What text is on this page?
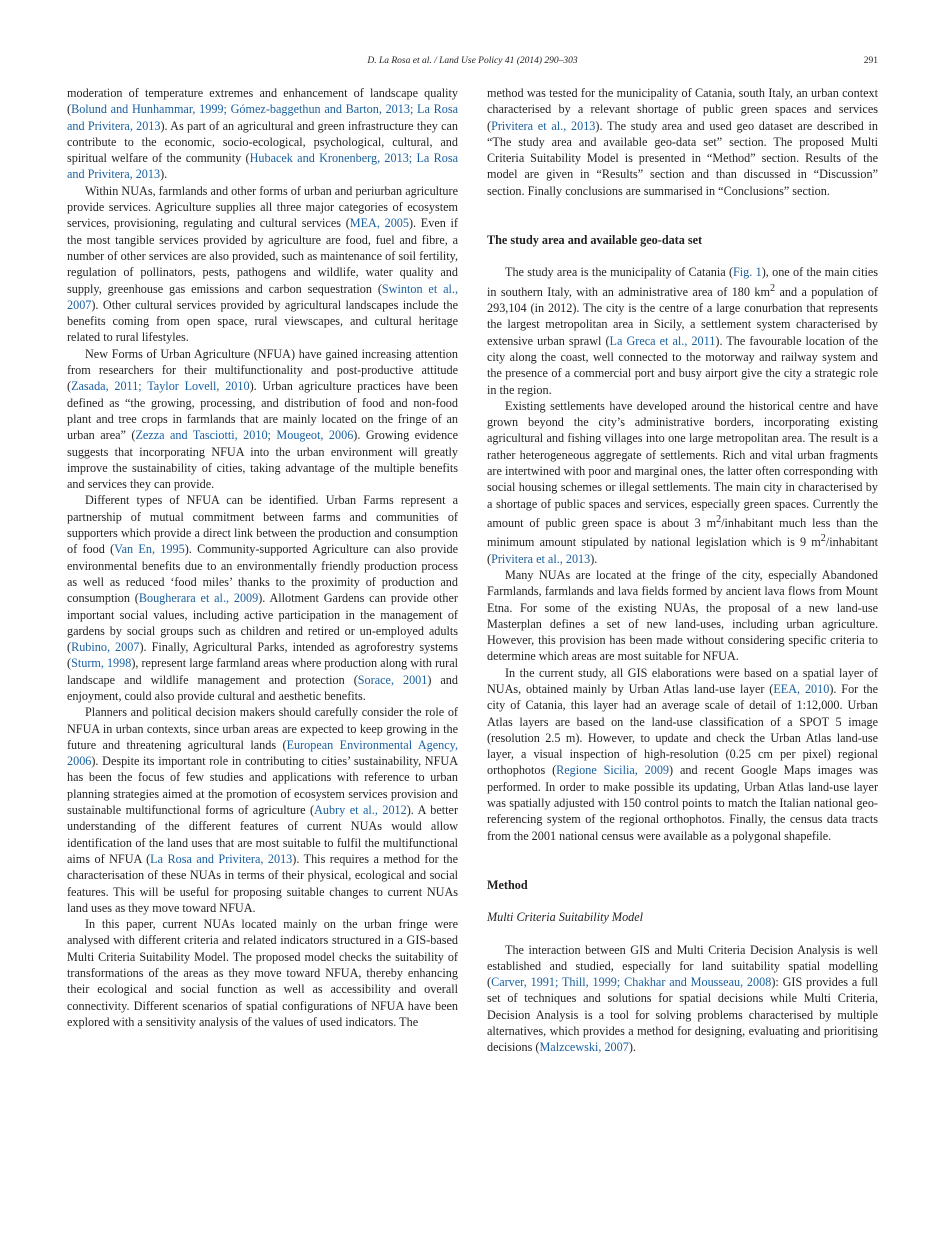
D. La Rosa et al. / Land Use Policy 41 (2014) 290–303	291

moderation of temperature extremes and enhancement of landscape quality (Bolund and Hunhammar, 1999; Gómez-baggethun and Barton, 2013; La Rosa and Privitera, 2013). As part of an agricultural and green infrastructure they can contribute to the economic, socio-ecological, psychological, cultural, and spiritual welfare of the community (Hubacek and Kronenberg, 2013; La Rosa and Privitera, 2013).

Within NUAs, farmlands and other forms of urban and periurban agriculture provide services. Agriculture supplies all three major categories of ecosystem services, provisioning, regulating and cultural services (MEA, 2005). Even if the most tangible services provided by agriculture are food, fuel and fibre, a number of other services are also provided, such as maintenance of soil fertility, regulation of pollinators, pests, pathogens and wildlife, water quality and supply, greenhouse gas emissions and carbon sequestration (Swinton et al., 2007). Other cultural services provided by agricultural landscapes include the benefits coming from open space, rural viewscapes, and cultural heritage related to rural lifestyles.

New Forms of Urban Agriculture (NFUA) have gained increasing attention from researchers for their multifunctionality and post-productive attitude (Zasada, 2011; Taylor Lovell, 2010). Urban agriculture practices have been defined as “the growing, processing, and distribution of food and non-food plant and tree crops in farmlands that are mainly located on the fringe of an urban area” (Zezza and Tasciotti, 2010; Mougeot, 2006). Growing evidence suggests that incorporating NFUA into the urban environment will greatly improve the sustainability of cities, taking advantage of the multiple benefits and services they can provide.

Different types of NFUA can be identified. Urban Farms represent a partnership of mutual commitment between farms and communities of supporters which provide a direct link between the production and consumption of food (Van En, 1995). Community-supported Agriculture can also provide environmental benefits due to an environmentally friendly production process as well as reduced ‘food miles’ thanks to the proximity of production and consumption (Bougherara et al., 2009). Allotment Gardens can provide other important social values, including active participation in the management of gardens by social groups such as children and retired or un-employed adults (Rubino, 2007). Finally, Agricultural Parks, intended as agroforestry systems (Sturm, 1998), represent large farmland areas where production along with rural landscape and wildlife management and protection (Sorace, 2001) and enjoyment, could also provide cultural and aesthetic benefits.

Planners and political decision makers should carefully consider the role of NFUA in urban contexts, since urban areas are expected to keep growing in the future and threatening agricultural lands (European Environmental Agency, 2006). Despite its important role in contributing to cities’ sustainability, NFUA has been the focus of few studies and applications with reference to urban planning strategies aimed at the promotion of ecosystem services provision and sustainable multifunctional forms of agriculture (Aubry et al., 2012). A better understanding of the different features of current NUAs would allow identification of the land uses that are most suitable to fulfil the multifunctional aims of NFUA (La Rosa and Privitera, 2013). This requires a method for the characterisation of these NUAs in terms of their physical, ecological and social features. This will be useful for proposing suitable changes to current NUAs land uses as they move toward NFUA.

In this paper, current NUAs located mainly on the urban fringe were analysed with different criteria and related indicators structured in a GIS-based Multi Criteria Suitability Model. The proposed model checks the suitability of transformations of the areas as they move toward NFUA, thereby enhancing their ecological and social function as well as accessibility and overall connectivity. Different scenarios of spatial configurations of NFUA have been explored with a sensitivity analysis of the values of used indicators. The

method was tested for the municipality of Catania, south Italy, an urban context characterised by a relevant shortage of public green spaces and services (Privitera et al., 2013). The study area and used geo dataset are described in “The study area and available geo-data set” section. The proposed Multi Criteria Suitability Model is presented in “Method” section. Results of the model are given in “Results” section and than discussed in “Discussion” section. Finally conclusions are summarised in “Conclusions” section.

The study area and available geo-data set

The study area is the municipality of Catania (Fig. 1), one of the main cities in southern Italy, with an administrative area of 180 $km^2$ and a population of 293,104 (in 2012). The city is the centre of a large conurbation that represents the largest metropolitan area in Sicily, a settlement system characterised by extensive urban sprawl (La Greca et al., 2011). The favourable location of the city along the coast, well connected to the motorway and railway system and the presence of a commercial port and busy airport give the city a strategic role in the region.

Existing settlements have developed around the historical centre and have grown beyond the city’s administrative borders, incorporating existing agricultural and fishing villages into one large metropolitan area. The result is a rather heterogeneous aggregate of settlements. Rich and vital urban fragments are intertwined with poor and marginal ones, the latter often corresponding with social housing schemes or illegal settlements. The main city in characterised by a shortage of public spaces and services, especially green spaces. Currently the amount of public green space is about 3 $m^2$/inhabitant much less than the minimum amount stipulated by national legislation which is 9 $m^2$/inhabitant (Privitera et al., 2013).

Many NUAs are located at the fringe of the city, especially Abandoned Farmlands, farmlands and lava fields formed by ancient lava flows from Mount Etna. For some of the existing NUAs, the proposal of a new land-use Masterplan defines a set of new land-uses, including urban agriculture. However, this provision has been made without considering specific criteria to determine which areas are most suitable for NFUA.

In the current study, all GIS elaborations were based on a spatial layer of NUAs, obtained mainly by Urban Atlas land-use layer (EEA, 2010). For the city of Catania, this layer had an average scale of detail of 1:12,000. Urban Atlas layers are based on the land-use classification of a SPOT 5 image (resolution 2.5 m). However, to update and check the Urban Atlas land-use layer, a visual inspection of high-resolution (0.25 cm per pixel) regional orthophotos (Regione Sicilia, 2009) and recent Google Maps images was performed. In order to make possible its updating, Urban Atlas land-use layer was spatially adjusted with 150 control points to match the Italian national geo-referencing system of the regional orthophotos. Finally, the census data tracts from the 2001 national census were available as a polygonal shapefile.

Method
Multi Criteria Suitability Model

The interaction between GIS and Multi Criteria Decision Analysis is well established and studied, especially for land suitability spatial modelling (Carver, 1991; Thill, 1999; Chakhar and Mousseau, 2008): GIS provides a full set of techniques and solutions for spatial decisions while Multi Criteria, Decision Analysis is a tool for solving problems characterised by multiple alternatives, which provides a method for designing, evaluating and prioritising decisions (Malzcewski, 2007).
